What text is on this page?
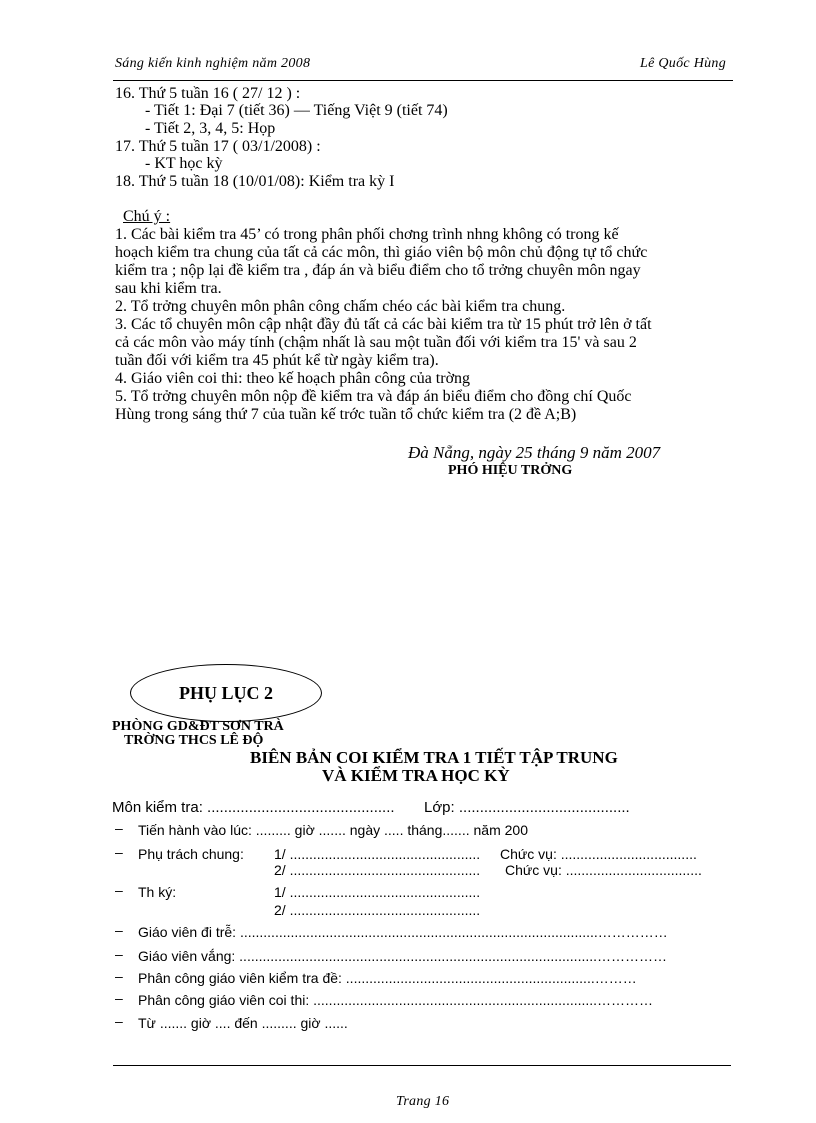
Sáng kiến kinh nghiệm năm 2008	Lê Quốc Hùng
16. Thứ 5 tuần 16 ( 27/ 12 ) :
- Tiết 1: Đại 7 (tiết 36) — Tiếng Việt 9 (tiết 74)
- Tiết 2, 3, 4, 5: Họp
17. Thứ 5 tuần 17 ( 03/1/2008) :
- KT học kỳ
18. Thứ 5 tuần 18 (10/01/08): Kiểm tra kỳ I
Chú ý :
1. Các bài kiểm tra 45’ có trong phân phối chơng trình nhng không có trong kế
hoạch kiểm tra chung của tất cả các môn, thì giáo viên bộ môn chủ động tự tổ chức
kiểm tra ; nộp lại đề kiểm tra , đáp án và biểu điểm cho tổ trởng chuyên môn ngay
sau khi kiểm tra.
2. Tổ trởng chuyên môn phân công chấm chéo các bài kiểm tra chung.
3. Các tổ chuyên môn cập nhật đầy đủ tất cả các bài kiểm tra từ 15 phút trở lên ở tất
cả các môn vào máy tính (chậm nhất là sau một tuần đối với kiểm tra 15' và sau 2
tuần đối với kiểm tra 45 phút kể từ ngày kiểm tra).
4. Giáo viên coi thi: theo kế hoạch phân công của trờng
5. Tổ trởng chuyên môn nộp đề kiểm tra và đáp án biểu điểm cho đồng chí Quốc
Hùng trong sáng thứ 7 của tuần kế trớc tuần tổ chức kiểm tra (2 đề A;B)
Đà Nẵng, ngày 25 tháng 9 năm 2007
PHÓ HIỆU TRỞNG
PHỤ LỤC 2
PHÒNG GD&ĐT SƠN TRÀ
TRỜNG THCS LÊ ĐỘ
BIÊN BẢN COI KIỂM TRA 1 TIẾT TẬP TRUNG
VÀ KIỂM TRA HỌC KỲ
Môn kiểm tra: ............................................. Lớp: .........................................
– Tiến hành vào lúc: ......... giờ ....... ngày ..... tháng....... năm 200
– Phụ trách chung: 1/ ................................................. Chức vụ: ...................................
2/ ................................................. Chức vụ: ...................................
– Th ký:	1/ .................................................
2/ .................................................
– Giáo viên đi trễ: ............................................................................................……………
– Giáo viên vắng: ............................................................................................……………
– Phân công giáo viên kiểm tra đề: ................................................................………
– Phân công giáo viên coi thi: .........................................................................…………
– Từ ....... giờ .... đến ......... giờ ......
Trang 16
